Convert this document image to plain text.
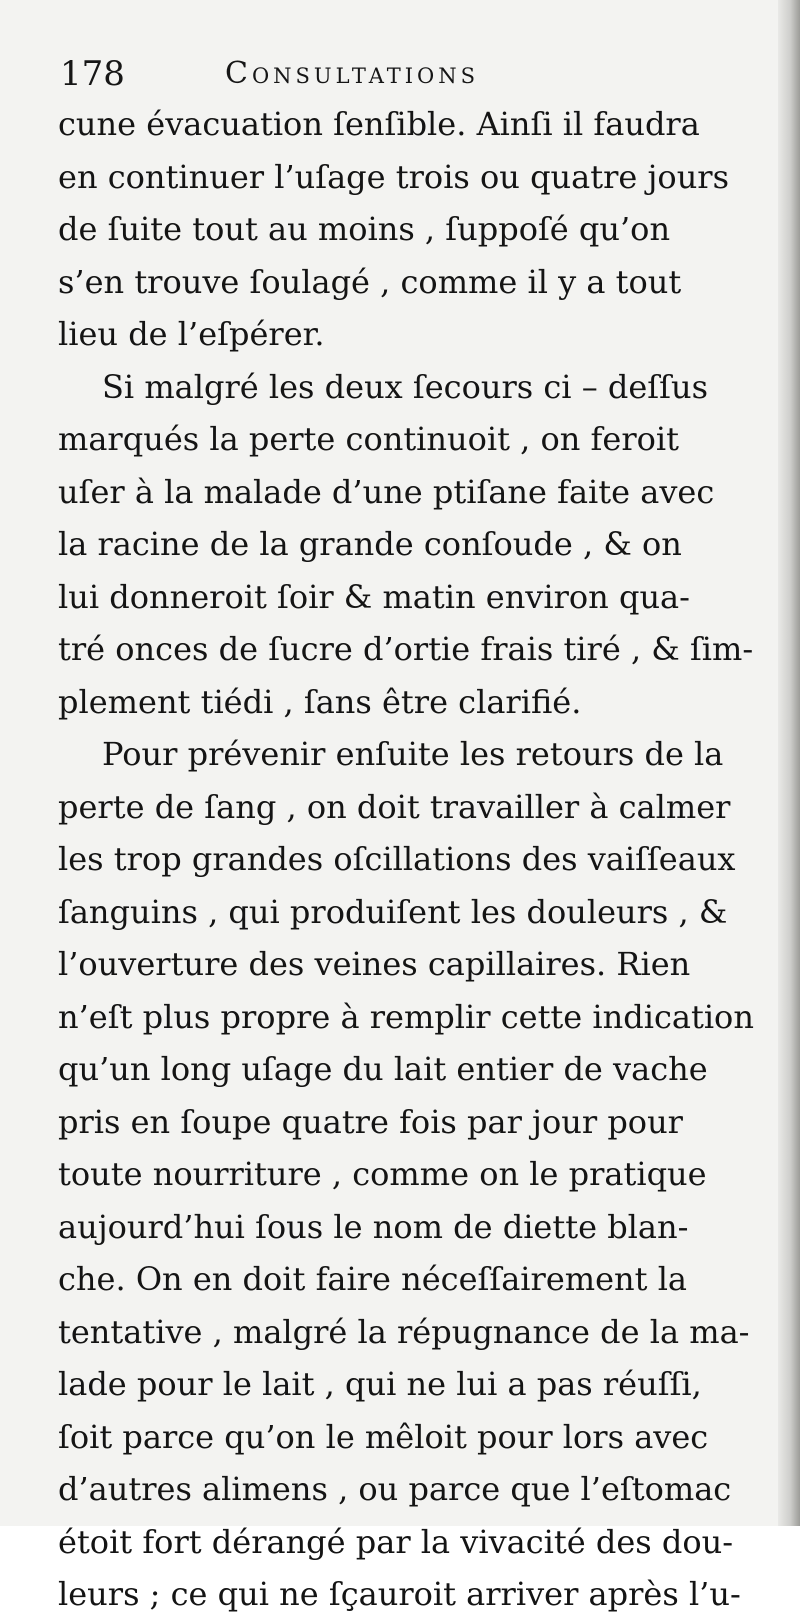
178	Consultations
cune évacuation ſenſible. Ainſi il faudra
en continuer l’uſage trois ou quatre jours
de ſuite tout au moins , ſuppoſé qu’on
s’en trouve ſoulagé , comme il y a tout
lieu de l’eſpérer.
Si malgré les deux ſecours ci – deſſus
marqués la perte continuoit , on feroit
uſer à la malade d’une ptiſane faite avec
la racine de la grande conſoude , & on
lui donneroit ſoir & matin environ qua-
tré onces de ſucre d’ortie frais tiré , & ſim-
plement tiédi , ſans être clarifié.
Pour prévenir enſuite les retours de la
perte de ſang , on doit travailler à calmer
les trop grandes oſcillations des vaiſſeaux
ſanguins , qui produiſent les douleurs , &
l’ouverture des veines capillaires. Rien
n’eſt plus propre à remplir cette indication
qu’un long uſage du lait entier de vache
pris en ſoupe quatre fois par jour pour
toute nourriture , comme on le pratique
aujourd’hui ſous le nom de diette blan-
che. On en doit faire néceſſairement la
tentative , malgré la répugnance de la ma-
lade pour le lait , qui ne lui a pas réuſſi,
ſoit parce qu’on le mêloit pour lors avec
d’autres alimens , ou parce que l’eſtomac
étoit fort dérangé par la vivacité des dou-
leurs ; ce qui ne ſçauroit arriver après l’u-
